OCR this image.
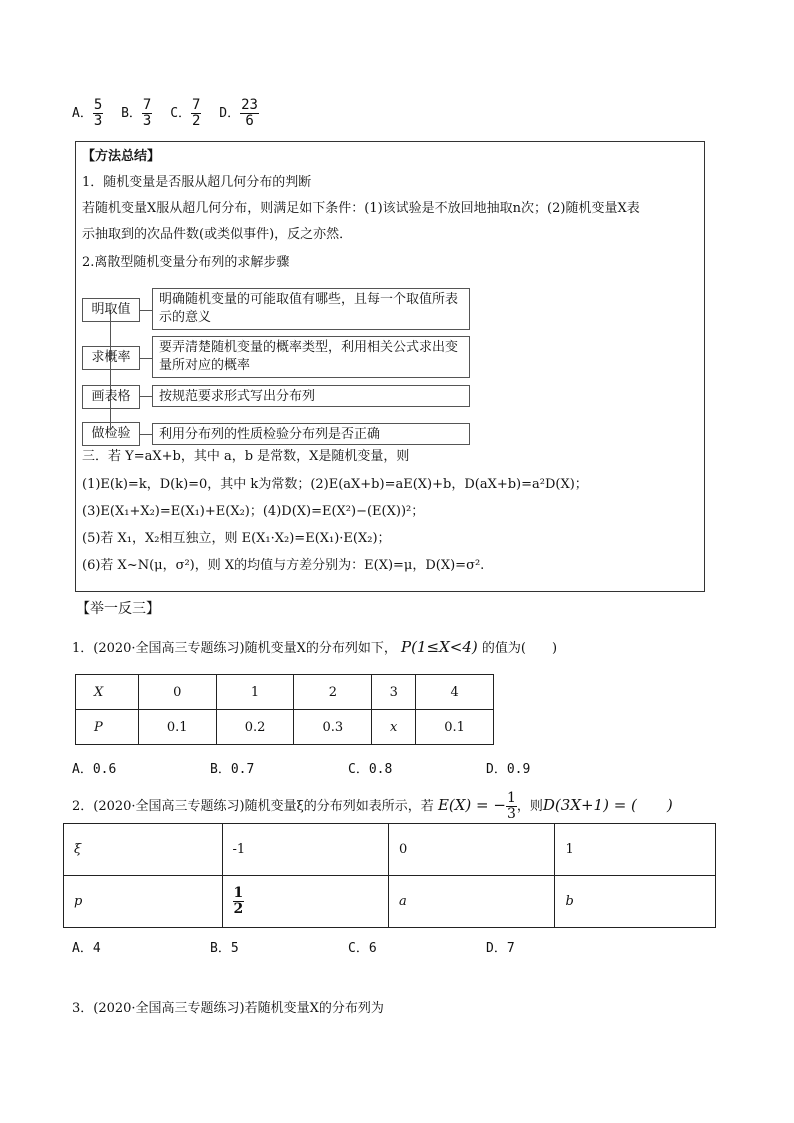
A． $\frac{5}{3}$ B． $\frac{7}{3}$ C． $\frac{7}{2}$ D． $\frac{23}{6}$
【方法总结】
1．随机变量是否服从超几何分布的判断
若随机变量X服从超几何分布，则满足如下条件：(1)该试验是不放回地抽取n次；(2)随机变量X表
示抽取到的次品件数(或类似事件)，反之亦然．
2.离散型随机变量分布列的求解步骤
明取值
明确随机变量的可能取值有哪些，且每一个取值所表示的意义
求概率
要弄清楚随机变量的概率类型，利用相关公式求出变量所对应的概率
画表格	按规范要求形式写出分布列
做检验	利用分布列的性质检验分布列是否正确
三．若 Y=aX+b，其中 a，b 是常数，X是随机变量，则
(1)E(k)=k，D(k)=0，其中 k为常数；(2)E(aX+b)=aE(X)+b，D(aX+b)=a²D(X)；
(3)E(X₁+X₂)=E(X₁)+E(X₂)；(4)D(X)=E(X²)−(E(X))²；
(5)若 X₁，X₂相互独立，则 E(X₁·X₂)=E(X₁)·E(X₂)；
(6)若 X~N(μ，σ²)，则 X的均值与方差分别为：E(X)=μ，D(X)=σ².
【举一反三】
1．(2020·全国高三专题练习)随机变量X的分布列如下， P(1≤X<4) 的值为(　　)
X	0	1	2	3	4
P	0.1	0.2	0.3	x	0.1
A．0.6	B．0.7	C．0.8	D．0.9
2．(2020·全国高三专题练习)随机变量ξ的分布列如表所示，若 E(X) = − $\frac{1}{3}$ ，则D(3X+1) = (　　)
ξ	-1	0	1
p	$\frac{1}{2}$	a	b
A．4	B．5	C．6	D．7
3．(2020·全国高三专题练习)若随机变量X的分布列为
